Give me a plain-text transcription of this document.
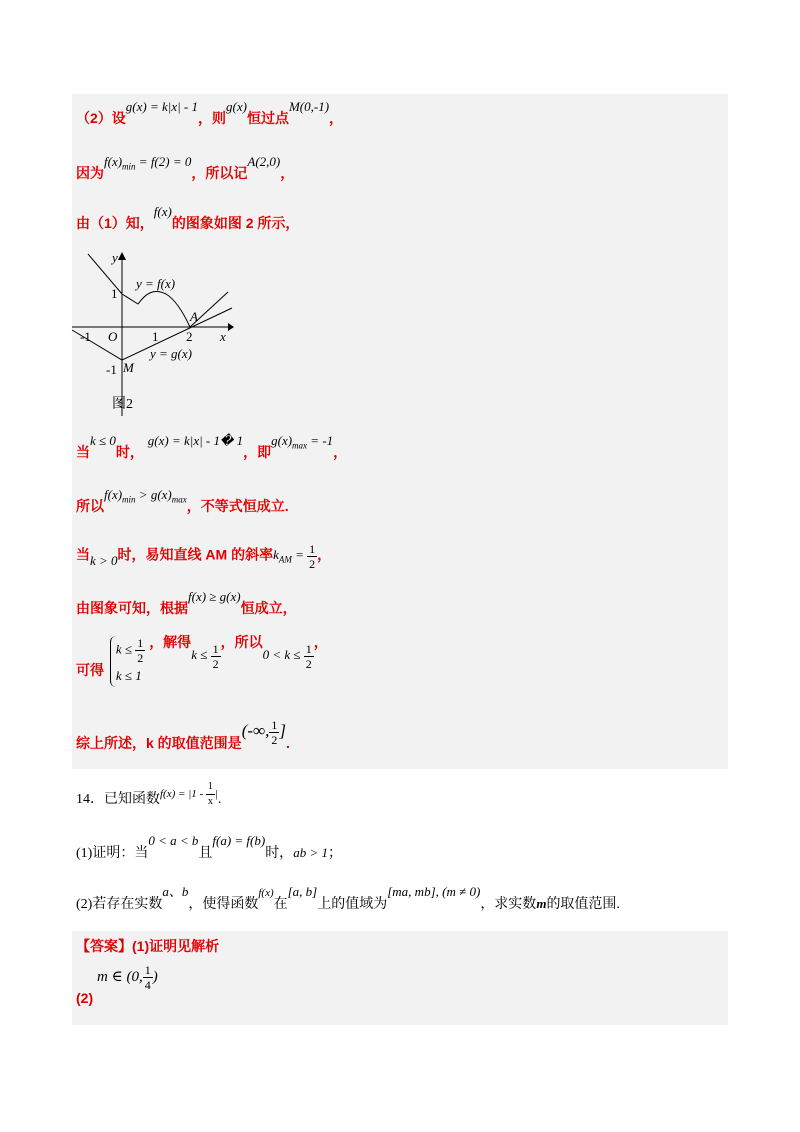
（2）设g(x) = k|x| - 1，则g(x)恒过点M(0,-1)，
因为$f(x)_{min} = f(2) = 0$，所以记A(2,0)，
由（1）知，f(x)的图象如图 2 所示，
y
x
y = f(x)
y = g(x)
A
M
O
1
-1
-1	1 2
图2
当k ≤ 0时， g(x) = k|x| - 1� 1，即$g(x)_{max} = -1$，
所以$f(x)_{min} > g(x)_{max}$，不等式恒成立.
当k > 0时，易知直线 AM 的斜率$k_{AM} = \frac{1}{2}$ ，
由图象可知，根据f(x) ≥ g(x)恒成立，
可得
$k \le \frac{1}{2}$
k ≤ 1
，解得$k \le \frac{1}{2}$ ，所以$0 < k \le \frac{1}{2}$ ，
综上所述，k 的取值范围是(-∞, $\frac{1}{2}$ ].
14．已知函数$^{f(x) = |1 - \frac{1}{x} |}$.
(1)证明：当0 < a < b且f(a) = f(b)时，ab > 1；
(2)若存在实数a、b，使得函数$^{f(x)}$在[a, b]上的值域为[ma, mb], (m ≠ 0)，求实数m的取值范围.
【答案】(1)证明见解析
(2) m ∈ (0, $\frac{1}{4}$ )
